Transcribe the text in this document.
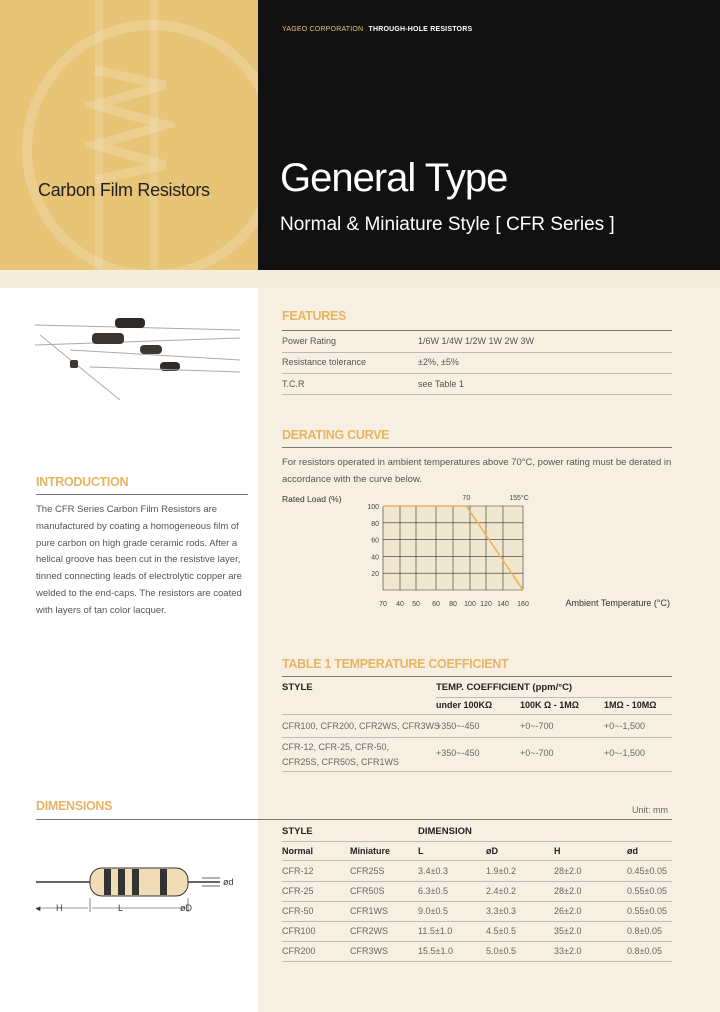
Carbon Film Resistors
YAGEO CORPORATION THROUGH-HOLE RESISTORS
General Type
Normal & Miniature Style [ CFR Series ]
FEATURES
Power Rating	1/6W 1/4W 1/2W 1W 2W 3W
Resistance tolerance	±2%, ±5%
T.C.R	see Table 1
INTRODUCTION
The CFR Series Carbon Film Resistors are manufactured by coating a homogeneous film of pure carbon on high grade ceramic rods. After a helical groove has been cut in the resistive layer, tinned connecting leads of electrolytic copper are welded to the end-caps. The resistors are coated with layers of tan color lacquer.
DERATING CURVE
For resistors operated in ambient temperatures above 70°C, power rating must be derated in accordance with the curve below.
20
40
60
80
100
70 40 50 60 80 100 120 140 160
70	155°C
Rated Load (%)
Ambient Temperature (°C)
TABLE 1 TEMPERATURE COEFFICIENT
STYLE	TEMP. COEFFICIENT (ppm/°C)
under 100KΩ	100K Ω - 1MΩ	1MΩ - 10MΩ
CFR100, CFR200, CFR2WS, CFR3WS
+350~-450	+0~-700	+0~-1,500
CFR-12, CFR-25, CFR-50,
CFR25S, CFR50S, CFR1WS
+350~-450	+0~-700	+0~-1,500
DIMENSIONS	Unit: mm
STYLE	DIMENSION
Normal	Miniature	L	øD	H	ød
CFR-12	CFR25S	3.4±0.3	1.9±0.2	28±2.0	0.45±0.05
CFR-25	CFR50S	6.3±0.5	2.4±0.2	28±2.0	0.55±0.05
CFR-50	CFR1WS	9.0±0.5	3.3±0.3	26±2.0	0.55±0.05
CFR100	CFR2WS	11.5±1.0	4.5±0.5	35±2.0	0.8±0.05
CFR200	CFR3WS	15.5±1.0	5.0±0.5	33±2.0	0.8±0.05
◄ H	L	øD
ød
